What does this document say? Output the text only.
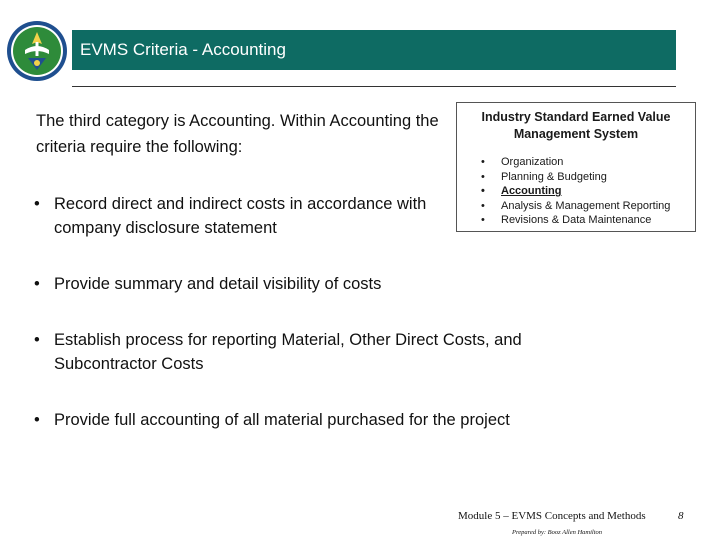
EVMS Criteria - Accounting
The third category is Accounting. Within Accounting the criteria require the following:
Industry Standard Earned Value Management System
• Organization
• Planning & Budgeting
• Accounting
• Analysis & Management Reporting
• Revisions & Data Maintenance
• Record direct and indirect costs in accordance with company disclosure statement
• Provide summary and detail visibility of costs
• Establish process for reporting Material, Other Direct Costs, and Subcontractor Costs
• Provide full accounting of all material purchased for the project
Module 5 – EVMS Concepts and Methods	8
Prepared by: Booz Allen Hamilton
